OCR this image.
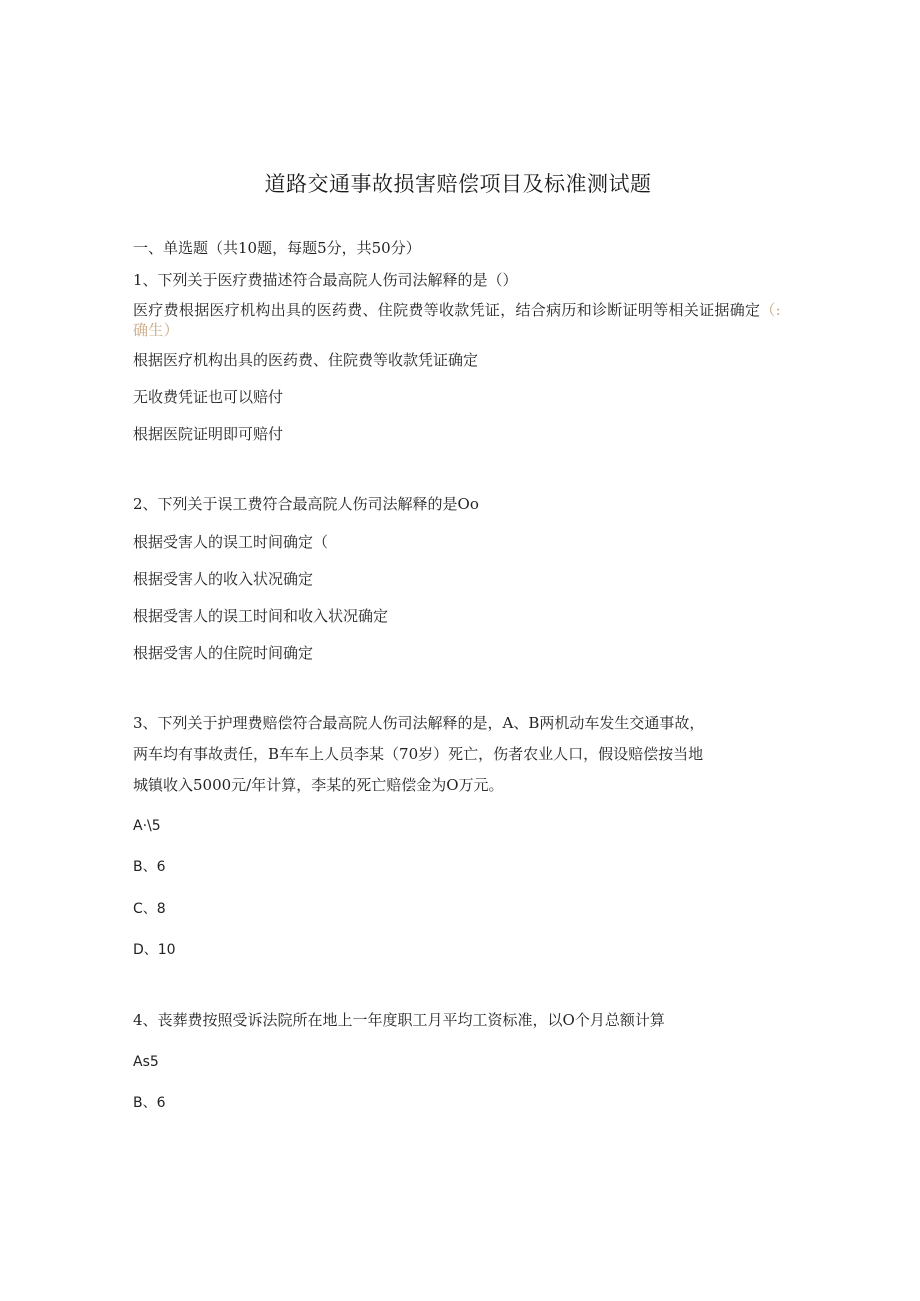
道路交通事故损害赔偿项目及标准测试题
一、单选题（共10题，每题5分，共50分）
1、下列关于医疗费描述符合最高院人伤司法解释的是（）
医疗费根据医疗机构出具的医药费、住院费等收款凭证，结合病历和诊断证明等相关证据确定（:确生）
根据医疗机构出具的医药费、住院费等收款凭证确定
无收费凭证也可以赔付
根据医院证明即可赔付
2、下列关于误工费符合最高院人伤司法解释的是Oo
根据受害人的误工时间确定（
根据受害人的收入状况确定
根据受害人的误工时间和收入状况确定
根据受害人的住院时间确定
3、下列关于护理费赔偿符合最高院人伤司法解释的是，A、B两机动车发生交通事故，
两车均有事故责任，B车车上人员李某（70岁）死亡，伤者农业人口，假设赔偿按当地
城镇收入5000元/年计算，李某的死亡赔偿金为O万元。
A·\5
B、6
C、8
D、10
4、丧葬费按照受诉法院所在地上一年度职工月平均工资标准，以O个月总额计算
As5
B、6
